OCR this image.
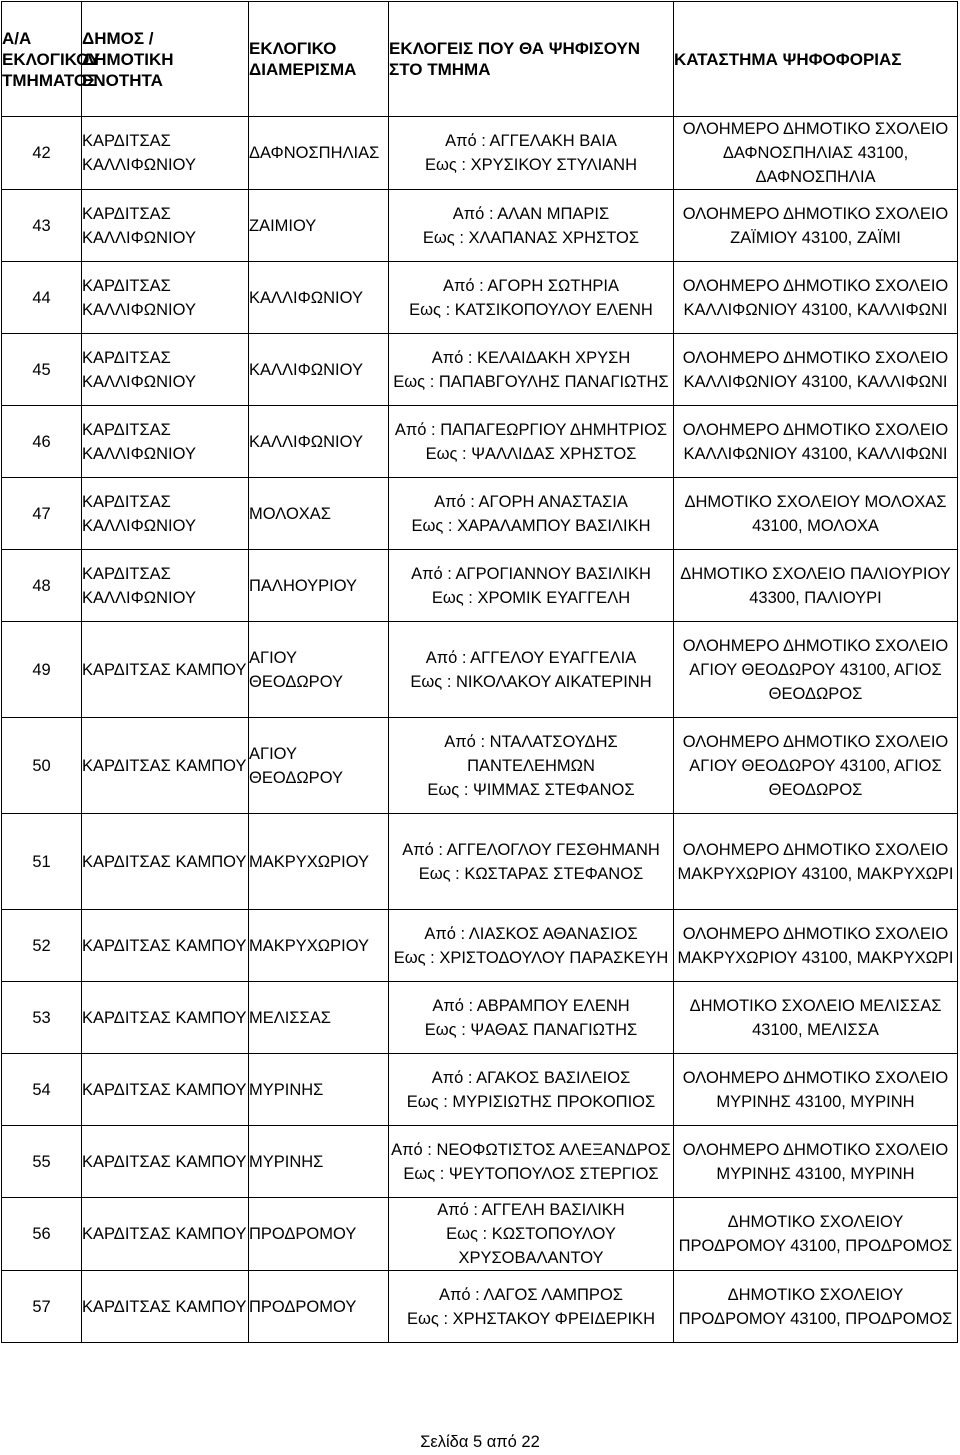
Α/Α ΕΚΛΟΓΙΚΟΥ ΤΜΗΜΑΤΟΣ	ΔΗΜΟΣ / ΔΗΜΟΤΙΚΗ ΕΝΟΤΗΤΑ	ΕΚΛΟΓΙΚΟ ΔΙΑΜΕΡΙΣΜΑ	ΕΚΛΟΓΕΙΣ ΠΟΥ ΘΑ ΨΗΦΙΣΟΥΝ ΣΤΟ ΤΜΗΜΑ	ΚΑΤΑΣΤΗΜΑ ΨΗΦΟΦΟΡΙΑΣ
42	ΚΑΡΔΙΤΣΑΣ ΚΑΛΛΙΦΩΝΙΟΥ	ΔΑΦΝΟΣΠΗΛΙΑΣ	Από : ΑΓΓΕΛΑΚΗ ΒΑΙΑ
Εως : ΧΡΥΣΙΚΟΥ ΣΤΥΛΙΑΝΗ	ΟΛΟΗΜΕΡΟ ΔΗΜΟΤΙΚΟ ΣΧΟΛΕΙΟ ΔΑΦΝΟΣΠΗΛΙΑΣ 43100, ΔΑΦΝΟΣΠΗΛΙΑ
43	ΚΑΡΔΙΤΣΑΣ ΚΑΛΛΙΦΩΝΙΟΥ	ΖΑΙΜΙΟΥ	Από : ΑΛΑΝ ΜΠΑΡΙΣ
Εως : ΧΛΑΠΑΝΑΣ ΧΡΗΣΤΟΣ	ΟΛΟΗΜΕΡΟ ΔΗΜΟΤΙΚΟ ΣΧΟΛΕΙΟ ΖΑΪΜΙΟΥ 43100, ΖΑΪΜΙ
44	ΚΑΡΔΙΤΣΑΣ ΚΑΛΛΙΦΩΝΙΟΥ	ΚΑΛΛΙΦΩΝΙΟΥ	Από : ΑΓΟΡΗ ΣΩΤΗΡΙΑ
Εως : ΚΑΤΣΙΚΟΠΟΥΛΟΥ ΕΛΕΝΗ	ΟΛΟΗΜΕΡΟ ΔΗΜΟΤΙΚΟ ΣΧΟΛΕΙΟ ΚΑΛΛΙΦΩΝΙΟΥ 43100, ΚΑΛΛΙΦΩΝΙ
45	ΚΑΡΔΙΤΣΑΣ ΚΑΛΛΙΦΩΝΙΟΥ	ΚΑΛΛΙΦΩΝΙΟΥ	Από : ΚΕΛΑΙΔΑΚΗ ΧΡΥΣΗ
Εως : ΠΑΠΑΒΓΟΥΛΗΣ ΠΑΝΑΓΙΩΤΗΣ	ΟΛΟΗΜΕΡΟ ΔΗΜΟΤΙΚΟ ΣΧΟΛΕΙΟ ΚΑΛΛΙΦΩΝΙΟΥ 43100, ΚΑΛΛΙΦΩΝΙ
46	ΚΑΡΔΙΤΣΑΣ ΚΑΛΛΙΦΩΝΙΟΥ	ΚΑΛΛΙΦΩΝΙΟΥ	Από : ΠΑΠΑΓΕΩΡΓΙΟΥ ΔΗΜΗΤΡΙΟΣ
Εως : ΨΑΛΛΙΔΑΣ ΧΡΗΣΤΟΣ	ΟΛΟΗΜΕΡΟ ΔΗΜΟΤΙΚΟ ΣΧΟΛΕΙΟ ΚΑΛΛΙΦΩΝΙΟΥ 43100, ΚΑΛΛΙΦΩΝΙ
47	ΚΑΡΔΙΤΣΑΣ ΚΑΛΛΙΦΩΝΙΟΥ	ΜΟΛΟΧΑΣ	Από : ΑΓΟΡΗ ΑΝΑΣΤΑΣΙΑ
Εως : ΧΑΡΑΛΑΜΠΟΥ ΒΑΣΙΛΙΚΗ	ΔΗΜΟΤΙΚΟ ΣΧΟΛΕΙΟΥ ΜΟΛΟΧΑΣ 43100, ΜΟΛΟΧΑ
48	ΚΑΡΔΙΤΣΑΣ ΚΑΛΛΙΦΩΝΙΟΥ	ΠΑΛΗΟΥΡΙΟΥ	Από : ΑΓΡΟΓΙΑΝΝΟΥ ΒΑΣΙΛΙΚΗ
Εως : ΧΡΟΜΙΚ ΕΥΑΓΓΕΛΗ	ΔΗΜΟΤΙΚΟ ΣΧΟΛΕΙΟ ΠΑΛΙΟΥΡΙΟΥ 43300, ΠΑΛΙΟΥΡΙ
49	ΚΑΡΔΙΤΣΑΣ ΚΑΜΠΟΥ	ΑΓΙΟΥ ΘΕΟΔΩΡΟΥ	Από : ΑΓΓΕΛΟΥ ΕΥΑΓΓΕΛΙΑ
Εως : ΝΙΚΟΛΑΚΟΥ ΑΙΚΑΤΕΡΙΝΗ	ΟΛΟΗΜΕΡΟ ΔΗΜΟΤΙΚΟ ΣΧΟΛΕΙΟ ΑΓΙΟΥ ΘΕΟΔΩΡΟΥ 43100, ΑΓΙΟΣ ΘΕΟΔΩΡΟΣ
50	ΚΑΡΔΙΤΣΑΣ ΚΑΜΠΟΥ	ΑΓΙΟΥ ΘΕΟΔΩΡΟΥ	Από : ΝΤΑΛΑΤΣΟΥΔΗΣ ΠΑΝΤΕΛΕΗΜΩΝ
Εως : ΨΙΜΜΑΣ ΣΤΕΦΑΝΟΣ	ΟΛΟΗΜΕΡΟ ΔΗΜΟΤΙΚΟ ΣΧΟΛΕΙΟ ΑΓΙΟΥ ΘΕΟΔΩΡΟΥ 43100, ΑΓΙΟΣ ΘΕΟΔΩΡΟΣ
51	ΚΑΡΔΙΤΣΑΣ ΚΑΜΠΟΥ	ΜΑΚΡΥΧΩΡΙΟΥ	Από : ΑΓΓΕΛΟΓΛΟΥ ΓΕΣΘΗΜΑΝΗ
Εως : ΚΩΣΤΑΡΑΣ ΣΤΕΦΑΝΟΣ	ΟΛΟΗΜΕΡΟ ΔΗΜΟΤΙΚΟ ΣΧΟΛΕΙΟ ΜΑΚΡΥΧΩΡΙΟΥ 43100, ΜΑΚΡΥΧΩΡΙ
52	ΚΑΡΔΙΤΣΑΣ ΚΑΜΠΟΥ	ΜΑΚΡΥΧΩΡΙΟΥ	Από : ΛΙΑΣΚΟΣ ΑΘΑΝΑΣΙΟΣ
Εως : ΧΡΙΣΤΟΔΟΥΛΟΥ ΠΑΡΑΣΚΕΥΗ	ΟΛΟΗΜΕΡΟ ΔΗΜΟΤΙΚΟ ΣΧΟΛΕΙΟ ΜΑΚΡΥΧΩΡΙΟΥ 43100, ΜΑΚΡΥΧΩΡΙ
53	ΚΑΡΔΙΤΣΑΣ ΚΑΜΠΟΥ	ΜΕΛΙΣΣΑΣ	Από : ΑΒΡΑΜΠΟΥ ΕΛΕΝΗ
Εως : ΨΑΘΑΣ ΠΑΝΑΓΙΩΤΗΣ	ΔΗΜΟΤΙΚΟ ΣΧΟΛΕΙΟ ΜΕΛΙΣΣΑΣ 43100, ΜΕΛΙΣΣΑ
54	ΚΑΡΔΙΤΣΑΣ ΚΑΜΠΟΥ	ΜΥΡΙΝΗΣ	Από : ΑΓΑΚΟΣ ΒΑΣΙΛΕΙΟΣ
Εως : ΜΥΡΙΣΙΩΤΗΣ ΠΡΟΚΟΠΙΟΣ	ΟΛΟΗΜΕΡΟ ΔΗΜΟΤΙΚΟ ΣΧΟΛΕΙΟ ΜΥΡΙΝΗΣ 43100, ΜΥΡΙΝΗ
55	ΚΑΡΔΙΤΣΑΣ ΚΑΜΠΟΥ	ΜΥΡΙΝΗΣ	Από : ΝΕΟΦΩΤΙΣΤΟΣ ΑΛΕΞΑΝΔΡΟΣ
Εως : ΨΕΥΤΟΠΟΥΛΟΣ ΣΤΕΡΓΙΟΣ	ΟΛΟΗΜΕΡΟ ΔΗΜΟΤΙΚΟ ΣΧΟΛΕΙΟ ΜΥΡΙΝΗΣ 43100, ΜΥΡΙΝΗ
56	ΚΑΡΔΙΤΣΑΣ ΚΑΜΠΟΥ	ΠΡΟΔΡΟΜΟΥ	Από : ΑΓΓΕΛΗ ΒΑΣΙΛΙΚΗ
Εως : ΚΩΣΤΟΠΟΥΛΟΥ ΧΡΥΣΟΒΑΛΑΝΤΟΥ	ΔΗΜΟΤΙΚΟ ΣΧΟΛΕΙΟΥ ΠΡΟΔΡΟΜΟΥ 43100, ΠΡΟΔΡΟΜΟΣ
57	ΚΑΡΔΙΤΣΑΣ ΚΑΜΠΟΥ	ΠΡΟΔΡΟΜΟΥ	Από : ΛΑΓΟΣ ΛΑΜΠΡΟΣ
Εως : ΧΡΗΣΤΑΚΟΥ ΦΡΕΙΔΕΡΙΚΗ	ΔΗΜΟΤΙΚΟ ΣΧΟΛΕΙΟΥ ΠΡΟΔΡΟΜΟΥ 43100, ΠΡΟΔΡΟΜΟΣ
Σελίδα 5 από 22
